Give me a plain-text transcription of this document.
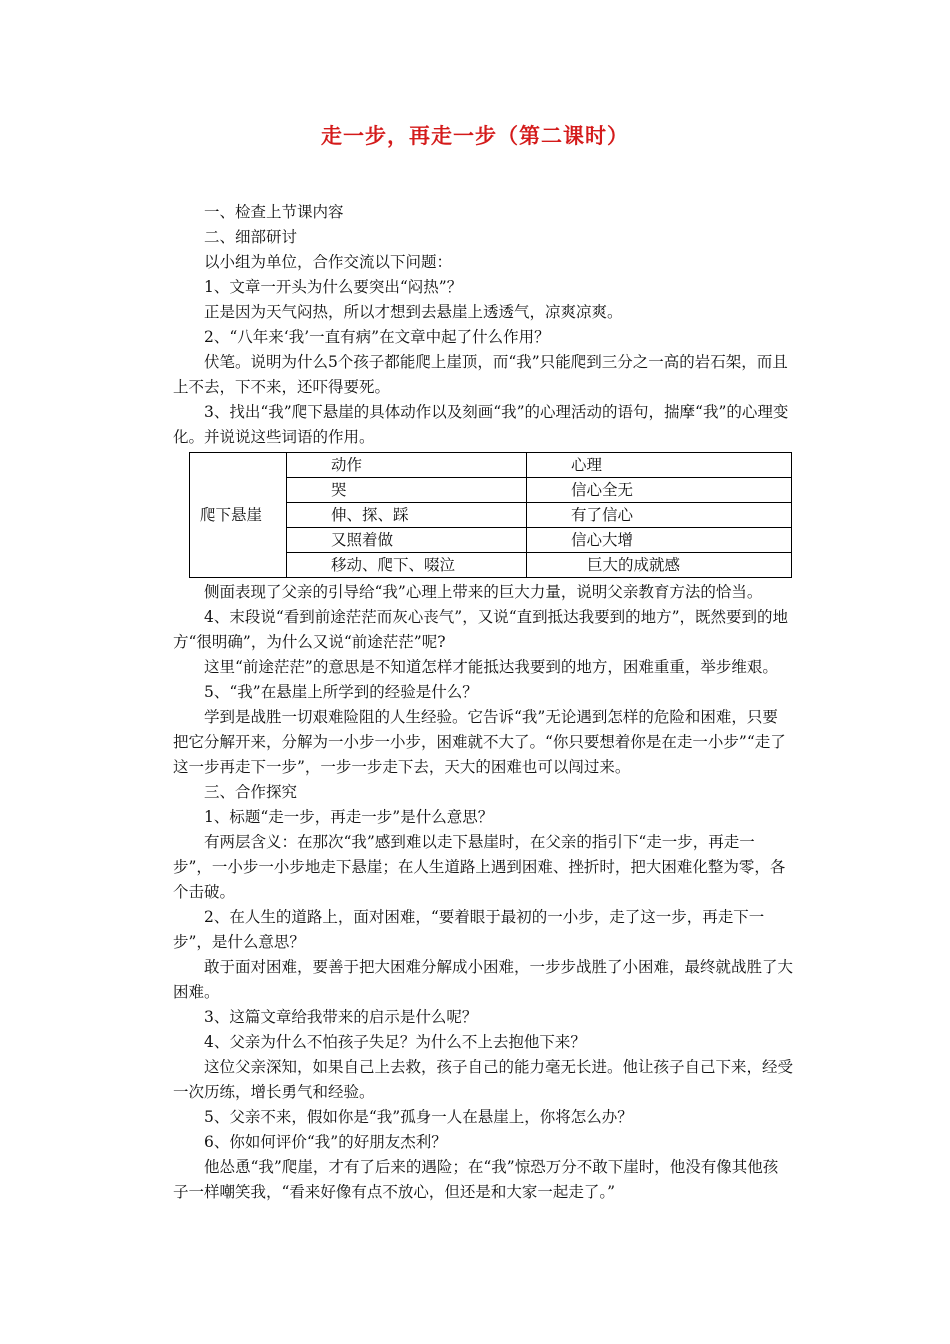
走一步，再走一步（第二课时）

一、检查上节课内容

二、细部研讨

以小组为单位，合作交流以下问题：

1、文章一开头为什么要突出“闷热”？

正是因为天气闷热，所以才想到去悬崖上透透气，凉爽凉爽。

2、“八年来‘我’一直有病”在文章中起了什么作用？

伏笔。说明为什么5个孩子都能爬上崖顶，而“我”只能爬到三分之一高的岩石架，而且上不去，下不来，还吓得要死。

3、找出“我”爬下悬崖的具体动作以及刻画“我”的心理活动的语句，揣摩“我”的心理变化。并说说这些词语的作用。

爬下悬崖	动作	心理
	哭	信心全无
	伸、探、踩	有了信心
	又照着做	信心大增
	移动、爬下、啜泣	巨大的成就感

侧面表现了父亲的引导给“我”心理上带来的巨大力量，说明父亲教育方法的恰当。

4、末段说“看到前途茫茫而灰心丧气”，又说“直到抵达我要到的地方”，既然要到的地方“很明确”，为什么又说“前途茫茫”呢?

这里“前途茫茫”的意思是不知道怎样才能抵达我要到的地方，困难重重，举步维艰。

5、“我”在悬崖上所学到的经验是什么？

学到是战胜一切艰难险阻的人生经验。它告诉“我”无论遇到怎样的危险和困难，只要把它分解开来，分解为一小步一小步，困难就不大了。“你只要想着你是在走一小步”“走了这一步再走下一步”，一步一步走下去，天大的困难也可以闯过来。

三、合作探究

1、标题“走一步，再走一步”是什么意思？

有两层含义：在那次“我”感到难以走下悬崖时，在父亲的指引下“走一步，再走一步”，一小步一小步地走下悬崖；在人生道路上遇到困难、挫折时，把大困难化整为零，各个击破。

2、在人生的道路上，面对困难，“要着眼于最初的一小步，走了这一步，再走下一步”，是什么意思？

敢于面对困难，要善于把大困难分解成小困难，一步步战胜了小困难，最终就战胜了大困难。

3、这篇文章给我带来的启示是什么呢？

4、父亲为什么不怕孩子失足？为什么不上去抱他下来？

这位父亲深知，如果自己上去救，孩子自己的能力毫无长进。他让孩子自己下来，经受一次历练，增长勇气和经验。

5、父亲不来，假如你是“我”孤身一人在悬崖上，你将怎么办？

6、你如何评价“我”的好朋友杰利？

他怂恿“我”爬崖，才有了后来的遇险；在“我”惊恐万分不敢下崖时，他没有像其他孩子一样嘲笑我，“看来好像有点不放心，但还是和大家一起走了。”
